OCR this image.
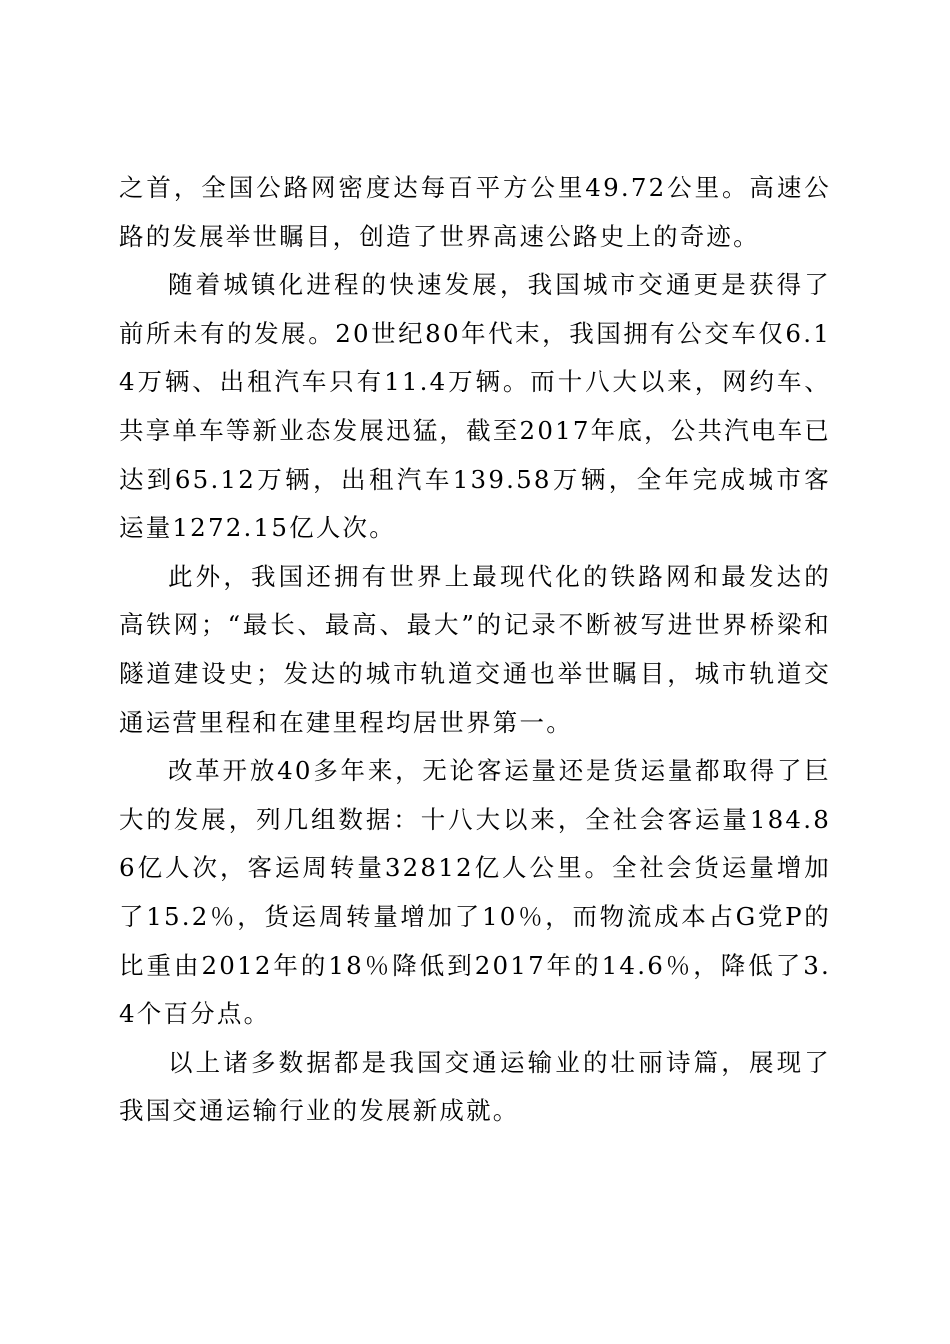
之首，全国公路网密度达每百平方公里49.72公里。高速公路的发展举世瞩目，创造了世界高速公路史上的奇迹。

随着城镇化进程的快速发展，我国城市交通更是获得了前所未有的发展。20世纪80年代末，我国拥有公交车仅6.14万辆、出租汽车只有11.4万辆。而十八大以来，网约车、共享单车等新业态发展迅猛，截至2017年底，公共汽电车已达到65.12万辆，出租汽车139.58万辆，全年完成城市客运量1272.15亿人次。

此外，我国还拥有世界上最现代化的铁路网和最发达的高铁网；“最长、最高、最大”的记录不断被写进世界桥梁和隧道建设史；发达的城市轨道交通也举世瞩目，城市轨道交通运营里程和在建里程均居世界第一。

改革开放40多年来，无论客运量还是货运量都取得了巨大的发展，列几组数据：十八大以来，全社会客运量184.86亿人次，客运周转量32812亿人公里。全社会货运量增加了15.2％，货运周转量增加了10％，而物流成本占G党P的比重由2012年的18％降低到2017年的14.6％，降低了3.4个百分点。

以上诸多数据都是我国交通运输业的壮丽诗篇，展现了我国交通运输行业的发展新成就。
